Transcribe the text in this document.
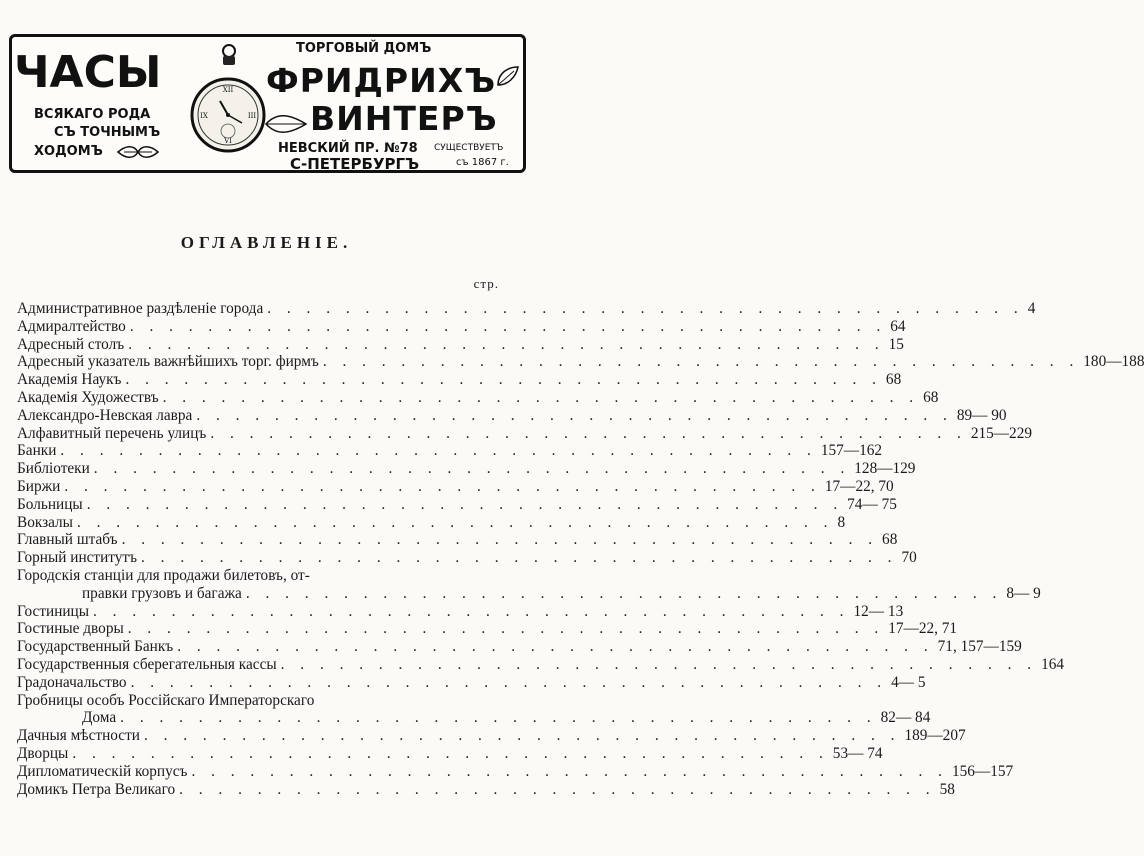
ЧАСЫ
ВСЯКАГО РОДА
СЪ ТОЧНЫМЪ
ХОДОМЪ
XII
III
VI
IX
ТОРГОВЫЙ ДОМЪ
ФРИДРИХЪ
ВИНТЕРЪ
НЕВСКИЙ ПР. №78
С-ПЕТЕРБУРГЪ
СУЩЕСТВУЕТЪ
съ 1867 г.
ОГЛАВЛЕНІЕ.
стр.
Административное раздѣленіе города . . . . . . . . . . . . . . . . . . . . . . . . . . . . . . . . . . . . . . . 4
Адмиралтейство . . . . . . . . . . . . . . . . . . . . . . . . . . . . . . . . . . . . . . . 64
Адресный столъ . . . . . . . . . . . . . . . . . . . . . . . . . . . . . . . . . . . . . . . 15
Адресный указатель важнѣйшихъ торг. фирмъ . . . . . . . . . . . . . . . . . . . . . . . . . . . . . . . . . . . . . . . 180—188
Академія Наукъ . . . . . . . . . . . . . . . . . . . . . . . . . . . . . . . . . . . . . . . 68
Академія Художествъ . . . . . . . . . . . . . . . . . . . . . . . . . . . . . . . . . . . . . . . 68
Александро-Невская лавра . . . . . . . . . . . . . . . . . . . . . . . . . . . . . . . . . . . . . . . 89— 90
Алфавитный перечень улицъ . . . . . . . . . . . . . . . . . . . . . . . . . . . . . . . . . . . . . . . 215—229
Банки . . . . . . . . . . . . . . . . . . . . . . . . . . . . . . . . . . . . . . . 157—162
Библіотеки . . . . . . . . . . . . . . . . . . . . . . . . . . . . . . . . . . . . . . . 128—129
Биржи . . . . . . . . . . . . . . . . . . . . . . . . . . . . . . . . . . . . . . . 17—22, 70
Больницы . . . . . . . . . . . . . . . . . . . . . . . . . . . . . . . . . . . . . . . 74— 75
Вокзалы . . . . . . . . . . . . . . . . . . . . . . . . . . . . . . . . . . . . . . . 8
Главный штабъ . . . . . . . . . . . . . . . . . . . . . . . . . . . . . . . . . . . . . . . 68
Горный институтъ . . . . . . . . . . . . . . . . . . . . . . . . . . . . . . . . . . . . . . . 70
Городскія станціи для продажи билетовъ, от-
правки грузовъ и багажа . . . . . . . . . . . . . . . . . . . . . . . . . . . . . . . . . . . . . . . 8— 9
Гостиницы . . . . . . . . . . . . . . . . . . . . . . . . . . . . . . . . . . . . . . . 12— 13
Гостиные дворы . . . . . . . . . . . . . . . . . . . . . . . . . . . . . . . . . . . . . . . 17—22, 71
Государственный Банкъ . . . . . . . . . . . . . . . . . . . . . . . . . . . . . . . . . . . . . . . 71, 157—159
Государственныя сберегательныя кассы . . . . . . . . . . . . . . . . . . . . . . . . . . . . . . . . . . . . . . . 164
Градоначальство . . . . . . . . . . . . . . . . . . . . . . . . . . . . . . . . . . . . . . . 4— 5
Гробницы особъ Россійскаго Императорскаго
Дома . . . . . . . . . . . . . . . . . . . . . . . . . . . . . . . . . . . . . . . 82— 84
Дачныя мѣстности . . . . . . . . . . . . . . . . . . . . . . . . . . . . . . . . . . . . . . . 189—207
Дворцы . . . . . . . . . . . . . . . . . . . . . . . . . . . . . . . . . . . . . . . 53— 74
Дипломатическій корпусъ . . . . . . . . . . . . . . . . . . . . . . . . . . . . . . . . . . . . . . . 156—157
Домикъ Петра Великаго . . . . . . . . . . . . . . . . . . . . . . . . . . . . . . . . . . . . . . . 58
